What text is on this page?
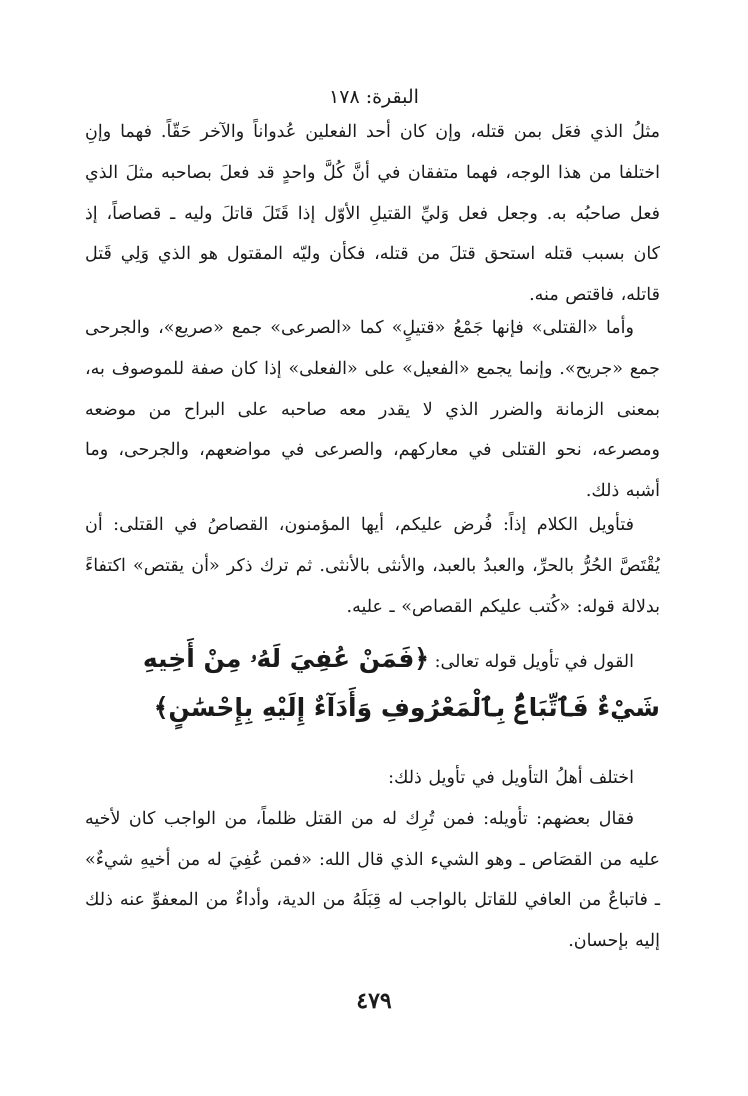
البقرة: ١٧٨

مثلُ الذي فعَل بمن قتله، وإن كان أحد الفعلين عُدواناً والآخر حَقّاً. فهما وإنِ اختلفا من هذا الوجه، فهما متفقان في أنَّ كُلَّ واحدٍ قد فعلَ بصاحبه مثلَ الذي فعل صاحبُه به. وجعل فعل وَليِّ القتيلِ الأوّل إذا قَتَلَ قاتلَ وليه ـ قصاصاً، إذ كان بسبب قتله استحق قتلَ من قتله، فكأن وليّه المقتول هو الذي وَلِي قَتل قاتله، فاقتص منه.

وأما «القتلى» فإنها جَمْعُ «قتيلٍ» كما «الصرعى» جمع «صريع»، والجرحى جمع «جريح». وإنما يجمع «الفعيل» على «الفعلى» إذا كان صفة للموصوف به، بمعنى الزمانة والضرر الذي لا يقدر معه صاحبه على البراح من موضعه ومصرعه، نحو القتلى في معاركهم، والصرعى في مواضعهم، والجرحى، وما أشبه ذلك.

فتأويل الكلام إذاً: فُرض عليكم، أيها المؤمنون، القصاصُ في القتلى: أن يُقْتَصَّ الحُرُّ بالحرِّ، والعبدُ بالعبد، والأنثى بالأنثى. ثم ترك ذكر «أن يقتص» اكتفاءً بدلالة قوله: «كُتب عليكم القصاص» ـ عليه.

القول في تأويل قوله تعالى: ﴿فَمَنْ عُفِيَ لَهُۥ مِنْ أَخِيهِ شَيْءٌ فَٱتِّبَاعٌۢ بِٱلْمَعْرُوفِ وَأَدَآءٌ إِلَيْهِ بِإِحْسَٰنٍ﴾

اختلف أهلُ التأويل في تأويل ذلك:

فقال بعضهم: تأويله: فمن تُرِك له من القتل ظلماً، من الواجب كان لأخيه عليه من القصَاص ـ وهو الشيء الذي قال الله: «فمن عُفِيَ له من أخيهِ شيءٌ» ـ فاتباعٌ من العافي للقاتل بالواجب له قِبَلَهُ من الدية، وأداءٌ من المعفوِّ عنه ذلك إليه بإحسان.

٤٧٩
